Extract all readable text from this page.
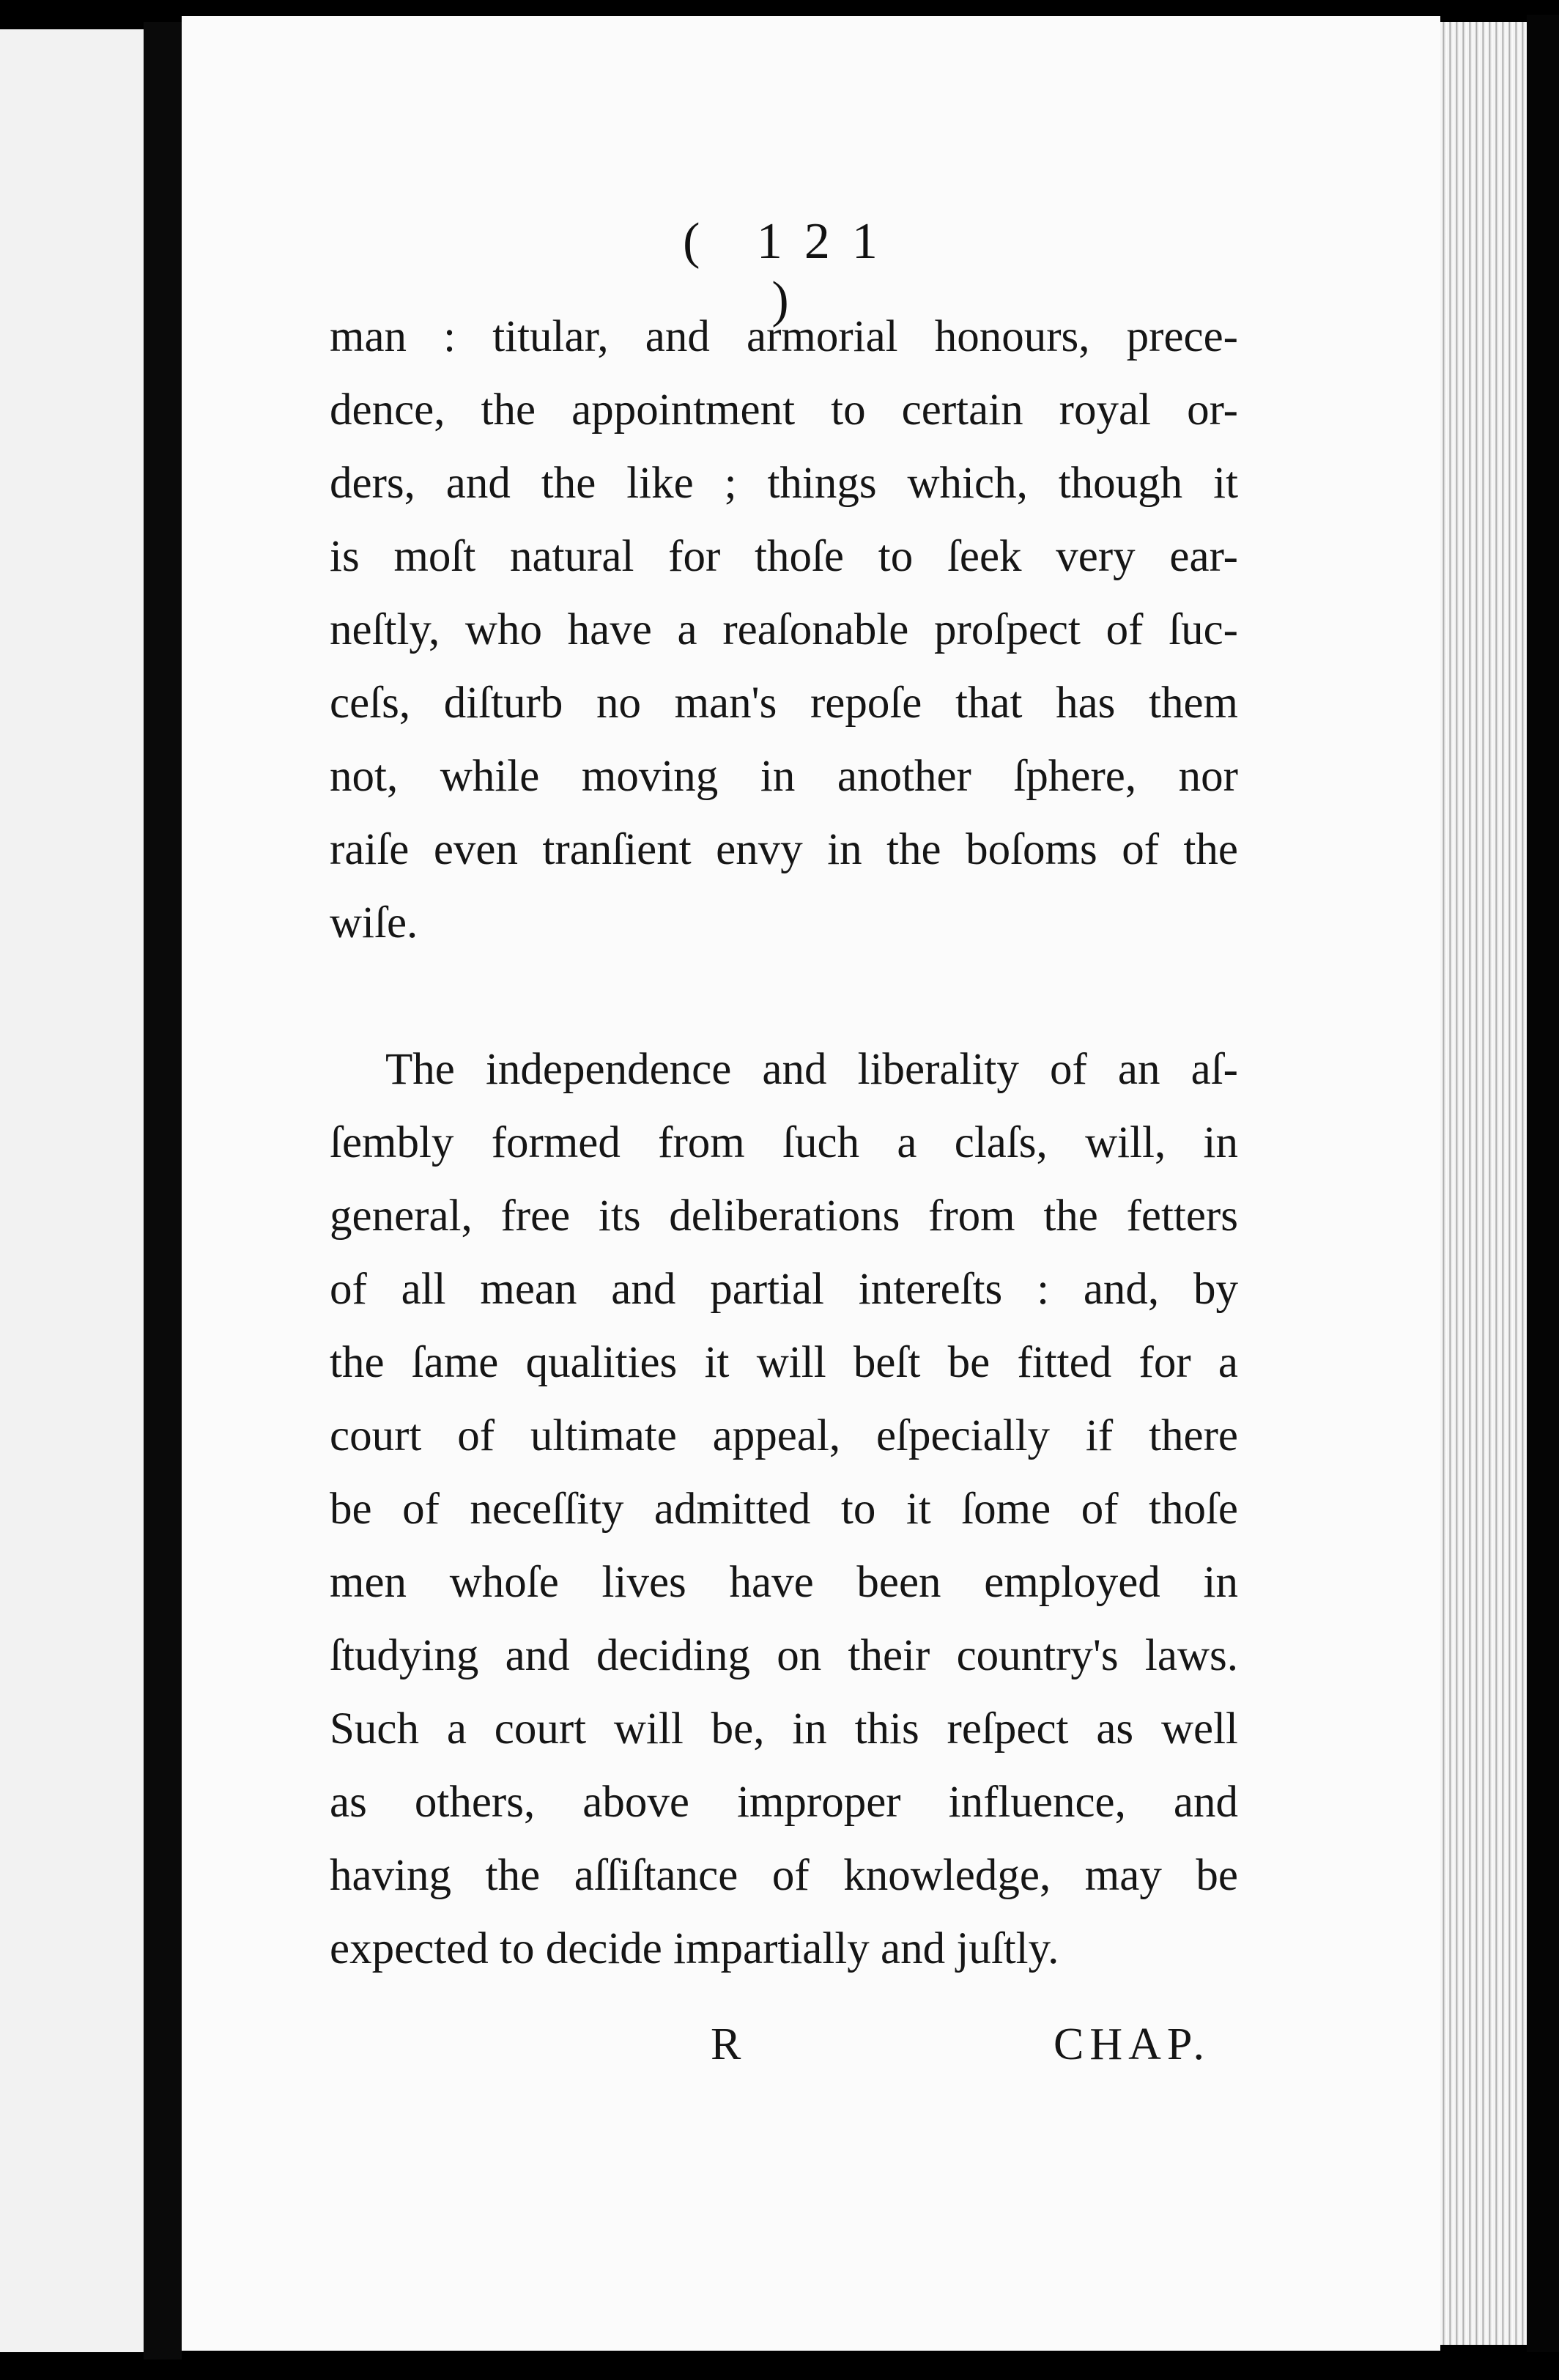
( 121 )
man : titular, and armorial honours, prece-
dence, the appointment to certain royal or-
ders, and the like ; things which, though it
is moſt natural for thoſe to ſeek very ear-
neſtly, who have a reaſonable proſpect of ſuc-
ceſs, diſturb no man's repoſe that has them
not, while moving in another ſphere, nor
raiſe even tranſient envy in the boſoms of the
wiſe.
The independence and liberality of an aſ-
ſembly formed from ſuch a claſs, will, in
general, free its deliberations from the fetters
of all mean and partial intereſts : and, by
the ſame qualities it will beſt be fitted for a
court of ultimate appeal, eſpecially if there
be of neceſſity admitted to it ſome of thoſe
men whoſe lives have been employed in
ſtudying and deciding on their country's laws.
Such a court will be, in this reſpect as well
as others, above improper influence, and
having the aſſiſtance of knowledge, may be
expected to decide impartially and juſtly.
R	CHAP.
